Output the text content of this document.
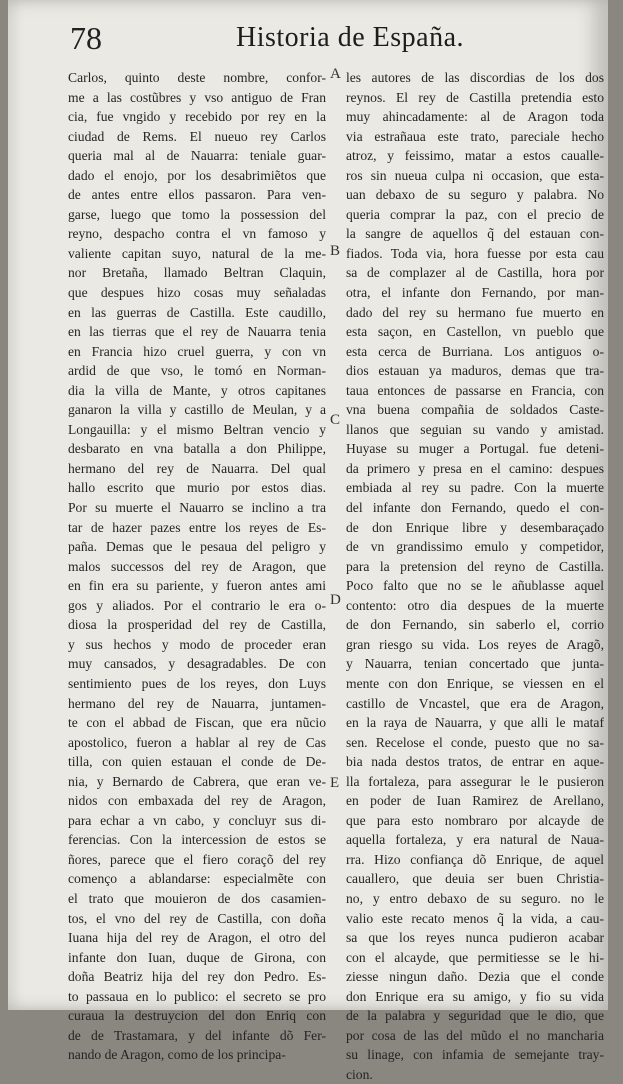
78	Historia de España.
Carlos, quinto deste nombre, confor-
me a las costũbres y vso antiguo de Fran
cia, fue vngido y recebido por rey en la
ciudad de Rems. El nueuo rey Carlos
queria mal al de Nauarra: teniale guar-
dado el enojo, por los desabrimiẽtos que
de antes entre ellos passaron. Para ven-
garse, luego que tomo la possession del
reyno, despacho contra el vn famoso y
valiente capitan suyo, natural de la me-
nor Bretaña, llamado Beltran Claquin,
que despues hizo cosas muy señaladas
en las guerras de Castilla. Este caudillo,
en las tierras que el rey de Nauarra tenia
en Francia hizo cruel guerra, y con vn
ardid de que vso, le tomó en Norman-
dia la villa de Mante, y otros capitanes
ganaron la villa y castillo de Meulan, y a
Longauilla: y el mismo Beltran vencio y
desbarato en vna batalla a don Philippe,
hermano del rey de Nauarra. Del qual
hallo escrito que murio por estos dias.
Por su muerte el Nauarro se inclino a tra
tar de hazer pazes entre los reyes de Es-
paña. Demas que le pesaua del peligro y
malos successos del rey de Aragon, que
en fin era su pariente, y fueron antes ami
gos y aliados. Por el contrario le era o-
diosa la prosperidad del rey de Castilla,
y sus hechos y modo de proceder eran
muy cansados, y desagradables. De con
sentimiento pues de los reyes, don Luys
hermano del rey de Nauarra, juntamen-
te con el abbad de Fiscan, que era nũcio
apostolico, fueron a hablar al rey de Cas
tilla, con quien estauan el conde de De-
nia, y Bernardo de Cabrera, que eran ve-
nidos con embaxada del rey de Aragon,
para echar a vn cabo, y concluyr sus di-
ferencias. Con la intercession de estos se
ñores, parece que el fiero coraçõ del rey
començo a ablandarse: especialmẽte con
el trato que mouieron de dos casamien-
tos, el vno del rey de Castilla, con doña
Iuana hija del rey de Aragon, el otro del
infante don Iuan, duque de Girona, con
doña Beatriz hija del rey don Pedro. Es-
to passaua en lo publico: el secreto se pro
curaua la destruycion del don Enriq con
de de Trastamara, y del infante dõ Fer-
nando de Aragon, como de los principa-
les autores de las discordias de los dos
reynos. El rey de Castilla pretendia esto
muy ahincadamente: al de Aragon toda
via estrañaua este trato, pareciale hecho
atroz, y feissimo, matar a estos caualle-
ros sin nueua culpa ni occasion, que esta-
uan debaxo de su seguro y palabra. No
queria comprar la paz, con el precio de
la sangre de aquellos q̃ del estauan con-
fiados. Toda via, hora fuesse por esta cau
sa de complazer al de Castilla, hora por
otra, el infante don Fernando, por man-
dado del rey su hermano fue muerto en
esta saçon, en Castellon, vn pueblo que
esta cerca de Burriana. Los antiguos o-
dios estauan ya maduros, demas que tra-
taua entonces de passarse en Francia, con
vna buena compañia de soldados Caste-
llanos que seguian su vando y amistad.
Huyase su muger a Portugal. fue deteni-
da primero y presa en el camino: despues
embiada al rey su padre. Con la muerte
del infante don Fernando, quedo el con-
de don Enrique libre y desembaraçado
de vn grandissimo emulo y competidor,
para la pretension del reyno de Castilla.
Poco falto que no se le añublasse aquel
contento: otro dia despues de la muerte
de don Fernando, sin saberlo el, corrio
gran riesgo su vida. Los reyes de Aragõ,
y Nauarra, tenian concertado que junta-
mente con don Enrique, se viessen en el
castillo de Vncastel, que era de Aragon,
en la raya de Nauarra, y que alli le mataf
sen. Recelose el conde, puesto que no sa-
bia nada destos tratos, de entrar en aque-
lla fortaleza, para assegurar le le pusieron
en poder de Iuan Ramirez de Arellano,
que para esto nombraro por alcayde de
aquella fortaleza, y era natural de Naua-
rra. Hizo confiança dõ Enrique, de aquel
cauallero, que deuia ser buen Christia-
no, y entro debaxo de su seguro. no le
valio este recato menos q̃ la vida, a cau-
sa que los reyes nunca pudieron acabar
con el alcayde, que permitiesse se le hi-
ziesse ningun daño. Dezia que el conde
don Enrique era su amigo, y fio su vida
de la palabra y seguridad que le dio, que
por cosa de las del mũdo el no mancharia
su linage, con infamia de semejante tray-
cion.
A
B
C
D
E
